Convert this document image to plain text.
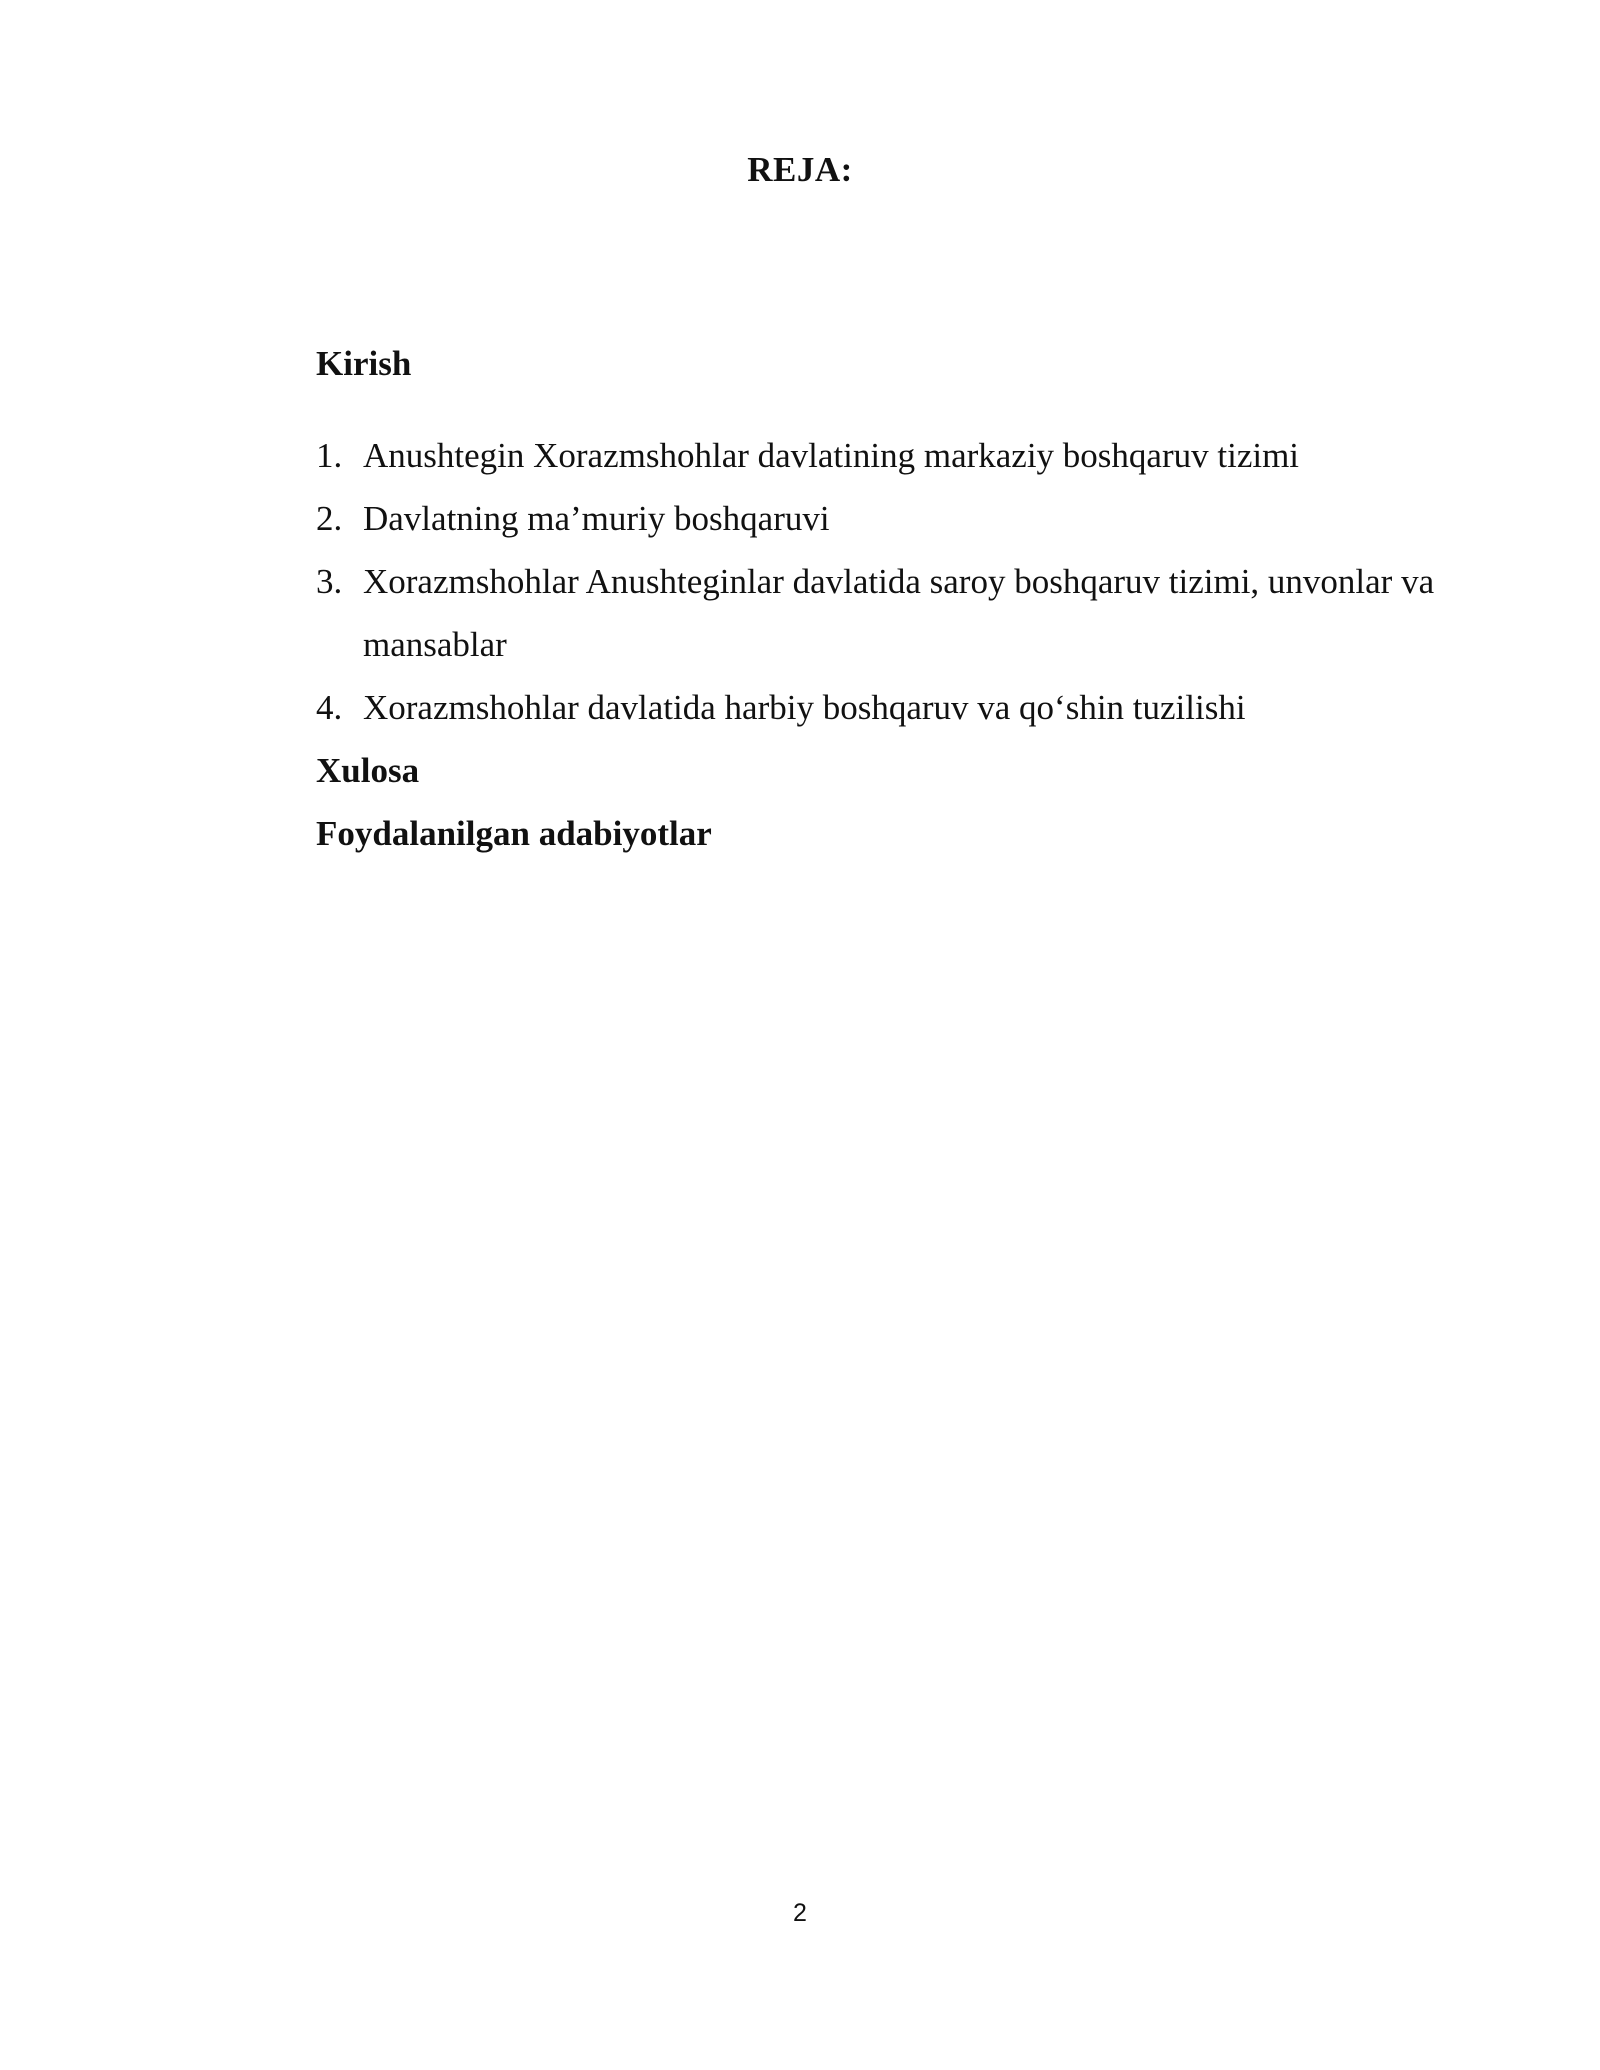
REJA:

Kirish

1. Anushtegin Xorazmshohlar davlatining markaziy boshqaruv tizimi
2. Davlatning ma’muriy boshqaruvi
3. Xorazmshohlar Anushteginlar davlatida saroy boshqaruv tizimi, unvonlar va mansablar
4. Xorazmshohlar davlatida harbiy boshqaruv va qo‘shin tuzilishi

Xulosa

Foydalanilgan adabiyotlar

2
